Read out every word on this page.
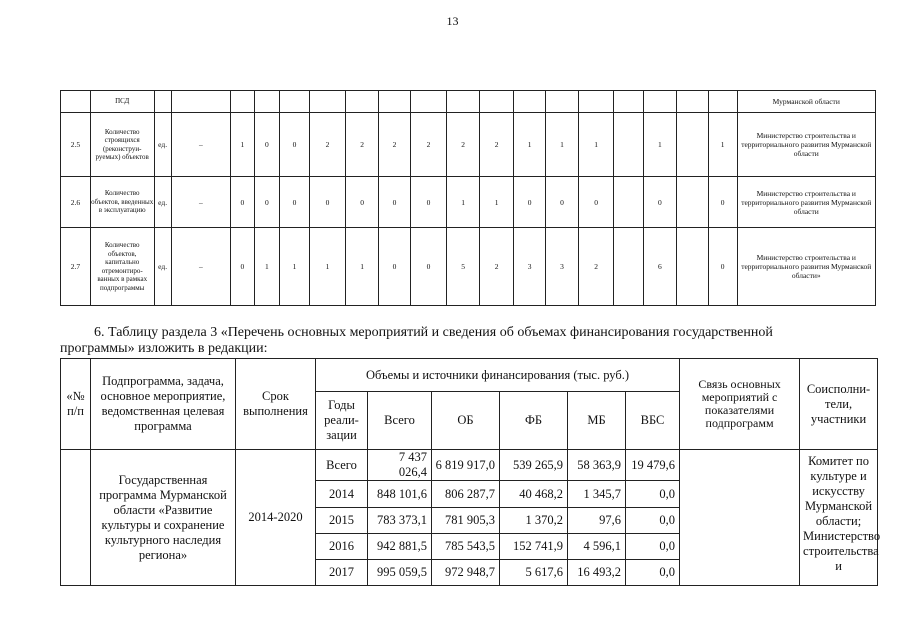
13
	ПСД																			Мурманской области
2.5	Количество строящихся (реконструи-руемых) объектов	ед.	–	1	0	0	2	2	2	2	2	2	1	1	1		1		1	Министерство строительства и территориального развития Мурманской области
2.6	Количество объектов, введенных в эксплуатацию	ед.	–	0	0	0	0	0	0	0	1	1	0	0	0		0		0	Министерство строительства и территориального развития Мурманской области
2.7	Количество объектов, капитально отремонтиро-ванных в рамках подпрограммы	ед.	–	0	1	1	1	1	0	0	5	2	3	3	2		6		0	Министерство строительства и территориального развития Мурманской области»
6. Таблицу раздела 3 «Перечень основных мероприятий и сведения об объемах финансирования государственной
программы» изложить в редакции:
«№ п/п	Подпрограмма, задача, основное мероприятие, ведомственная целевая программа	Срок выполнения	Объемы и источники финансирования (тыс. руб.)						Связь основных мероприятий с показателями подпрограмм	Соисполни-тели, участники
			Годы реали-зации	Всего	ОБ	ФБ	МБ	ВБС		
	Государственная программа Мурманской области «Развитие культуры и сохранение культурного наследия региона»	2014-2020	Всего	7 437 026,4	6 819 917,0	539 265,9	58 363,9	19 479,6		Комитет по культуре и искусству Мурманской области; Министерство строительства и
			2014	848 101,6	806 287,7	40 468,2	1 345,7	0,0		
			2015	783 373,1	781 905,3	1 370,2	97,6	0,0		
			2016	942 881,5	785 543,5	152 741,9	4 596,1	0,0		
			2017	995 059,5	972 948,7	5 617,6	16 493,2	0,0		
